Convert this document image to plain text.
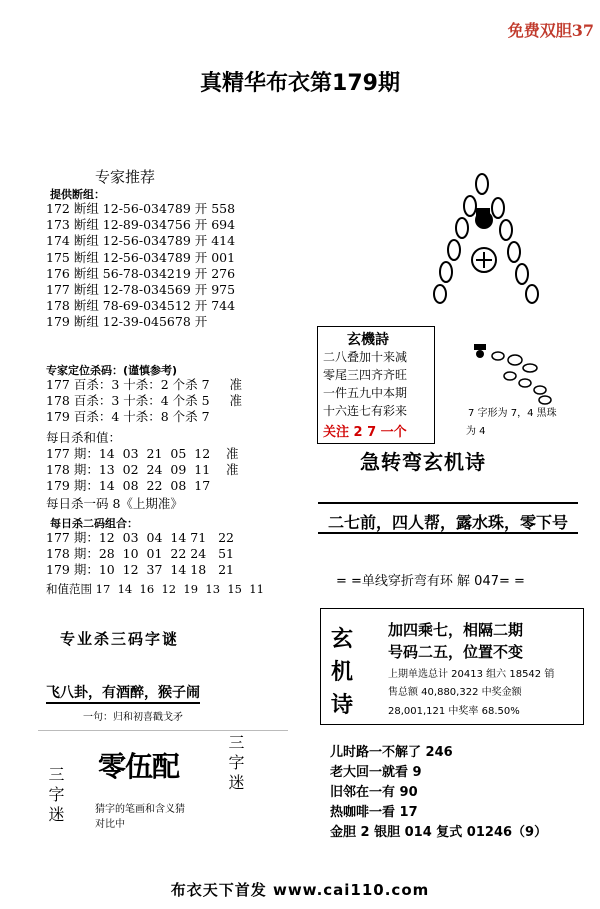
免费双胆37
真精华布衣第179期
专家推荐
提供断组：
172 断组 12-56-034789 开 558
173 断组 12-89-034756 开 694
174 断组 12-56-034789 开 414
175 断组 12-56-034789 开 001
176 断组 56-78-034219 开 276
177 断组 12-78-034569 开 975
178 断组 78-69-034512 开 744
179 断组 12-39-045678 开
专家定位杀码：(谨慎参考)
177 百杀：3 十杀：2 个杀 7     准
178 百杀：3 十杀：4 个杀 5     准
179 百杀：4 十杀：8 个杀 7
每日杀和值：
177 期：14  03  21  05  12    准
178 期：13  02  24  09  11    准
179 期：14  08  22  08  17
每日杀一码 8《上期准》
每日杀二码组合：
177 期：12  03  04  14 71   22
178 期：28  10  01  22 24   51
179 期：10  12  37  14 18   21
和值范围 17  14  16  12  19  13  15  11
专业杀三码字谜
飞八卦，有酒醉，猴子闹
一句：归和初喜戳戈矛
三字迷
三字迷
零伍配
猜字的笔画和含义猜
对比中
玄機詩
二八叠加十来减
零尾三四齐齐旺
一件五九中本期
十六连七有彩来
关注 2 7 一个
7 字形为 7，4 黑珠
为 4
急转弯玄机诗
二七前，四人帮，露水珠，零下号
= =单线穿折弯有环 解 047= =
玄
机
诗
加四乘七，相隔二期
号码二五，位置不变
上期单选总计 20413 组六 18542 销
售总额 40,880,322 中奖金额
28,001,121 中奖率 68.50%
儿时路一不解了 246
老大回一就看 9
旧邻在一有 90
热咖啡一看 17
金胆 2 银胆 014 复式 01246（9）
布衣天下首发 www.cai110.com
